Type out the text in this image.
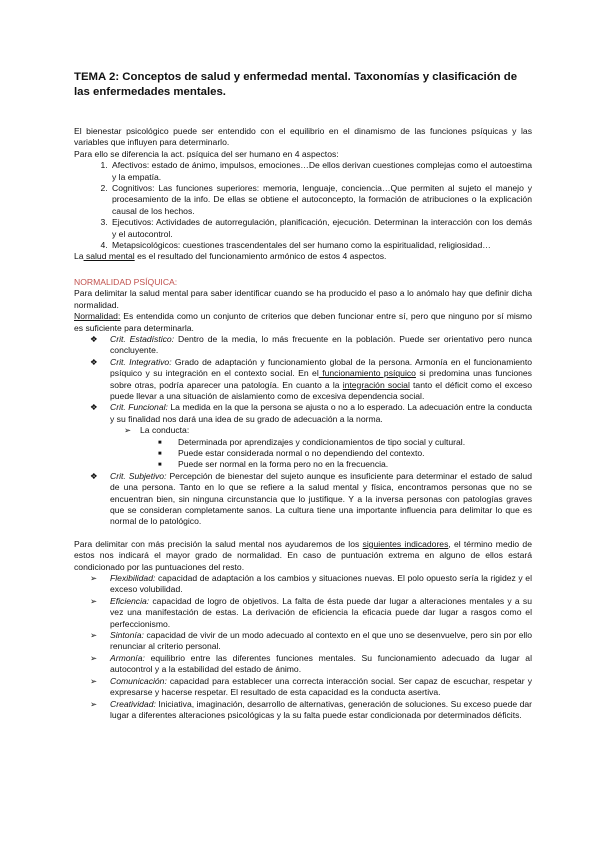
TEMA 2: Conceptos de salud y enfermedad mental. Taxonomías y clasificación de las enfermedades mentales.

El bienestar psicológico puede ser entendido con el equilibrio en el dinamismo de las funciones psíquicas y las variables que influyen para determinarlo.

Para ello se diferencia la act. psíquica del ser humano en 4 aspectos:

1. Afectivos: estado de ánimo, impulsos, emociones…De ellos derivan cuestiones complejas como el autoestima y la empatía.
2. Cognitivos: Las funciones superiores: memoria, lenguaje, conciencia…Que permiten al sujeto el manejo y procesamiento de la info. De ellas se obtiene el autoconcepto, la formación de atribuciones o la explicación causal de los hechos.
3. Ejecutivos: Actividades de autorregulación, planificación, ejecución. Determinan la interacción con los demás y el autocontrol.
4. Metapsicológicos: cuestiones trascendentales del ser humano como la espiritualidad, religiosidad…

La salud mental es el resultado del funcionamiento armónico de estos 4 aspectos.

NORMALIDAD PSÍQUICA:

Para delimitar la salud mental para saber identificar cuando se ha producido el paso a lo anómalo hay que definir dicha normalidad.

Normalidad: Es entendida como un conjunto de criterios que deben funcionar entre sí, pero que ninguno por sí mismo es suficiente para determinarla.

❖ Crit. Estadístico: Dentro de la media, lo más frecuente en la población. Puede ser orientativo pero nunca concluyente.
❖ Crit. Integrativo: Grado de adaptación y funcionamiento global de la persona. Armonía en el funcionamiento psíquico y su integración en el contexto social. En el funcionamiento psíquico si predomina unas funciones sobre otras, podría aparecer una patología. En cuanto a la integración social tanto el déficit como el exceso puede llevar a una situación de aislamiento como de excesiva dependencia social.
❖ Crit. Funcional: La medida en la que la persona se ajusta o no a lo esperado. La adecuación entre la conducta y su finalidad nos dará una idea de su grado de adecuación a la norma.
➢ La conducta:
■ Determinada por aprendizajes y condicionamientos de tipo social y cultural.
■ Puede estar considerada normal o no dependiendo del contexto.
■ Puede ser normal en la forma pero no en la frecuencia.
❖ Crit. Subjetivo: Percepción de bienestar del sujeto aunque es insuficiente para determinar el estado de salud de una persona. Tanto en lo que se refiere a la salud mental y física, encontramos personas que no se encuentran bien, sin ninguna circunstancia que lo justifique. Y a la inversa personas con patologías graves que se consideran completamente sanos. La cultura tiene una importante influencia para delimitar lo que es normal de lo patológico.

Para delimitar con más precisión la salud mental nos ayudaremos de los siguientes indicadores, el término medio de estos nos indicará el mayor grado de normalidad. En caso de puntuación extrema en alguno de ellos estará condicionado por las puntuaciones del resto.

➢ Flexibilidad: capacidad de adaptación a los cambios y situaciones nuevas. El polo opuesto sería la rigidez y el exceso volubilidad.
➢ Eficiencia: capacidad de logro de objetivos. La falta de ésta puede dar lugar a alteraciones mentales y a su vez una manifestación de estas. La derivación de eficiencia la eficacia puede dar lugar a rasgos como el perfeccionismo.
➢ Sintonía: capacidad de vivir de un modo adecuado al contexto en el que uno se desenvuelve, pero sin por ello renunciar al criterio personal.
➢ Armonía: equilibrio entre las diferentes funciones mentales. Su funcionamiento adecuado da lugar al autocontrol y a la estabilidad del estado de ánimo.
➢ Comunicación: capacidad para establecer una correcta interacción social. Ser capaz de escuchar, respetar y expresarse y hacerse respetar. El resultado de esta capacidad es la conducta asertiva.
➢ Creatividad: Iniciativa, imaginación, desarrollo de alternativas, generación de soluciones. Su exceso puede dar lugar a diferentes alteraciones psicológicas y la su falta puede estar condicionada por determinados déficits.
